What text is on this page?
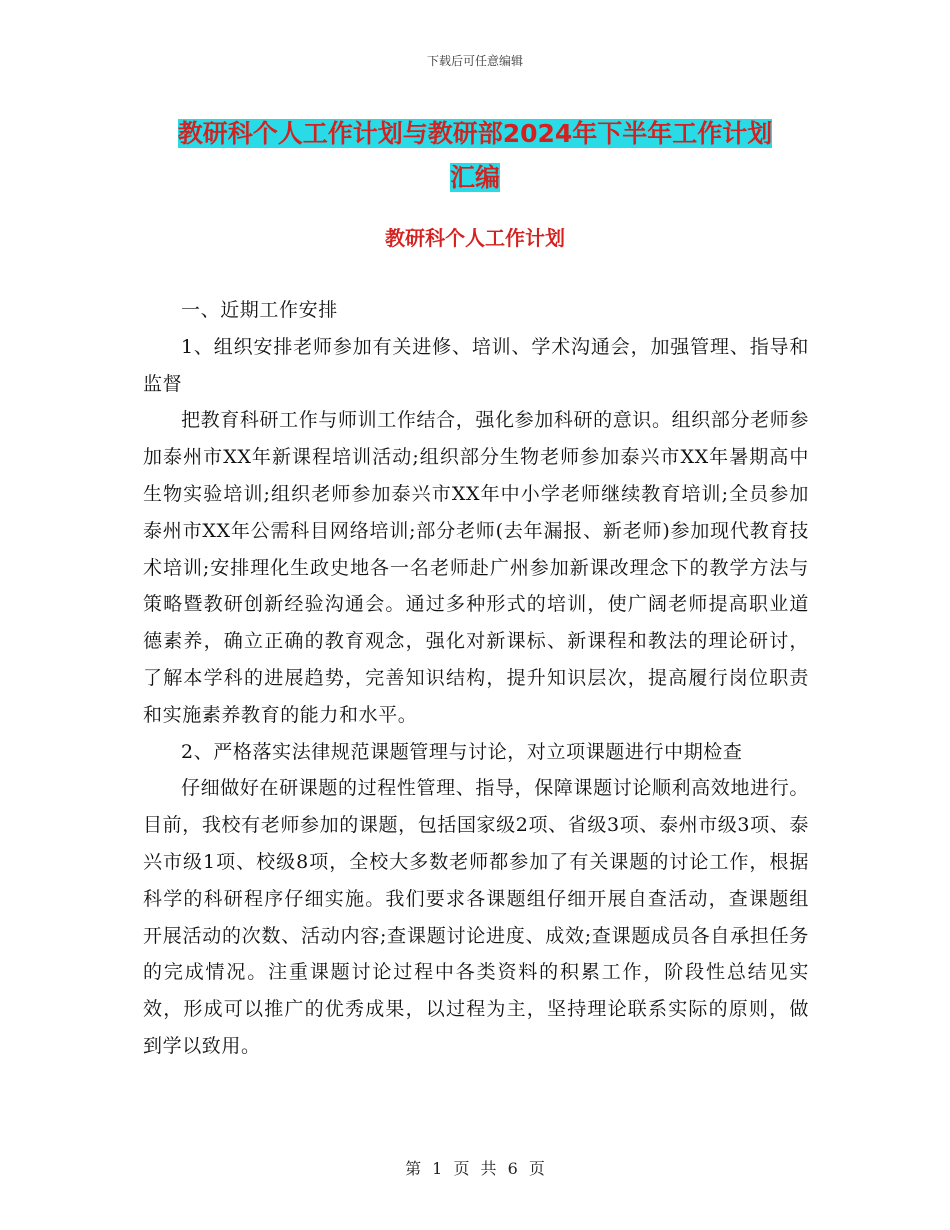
下载后可任意编辑
教研科个人工作计划与教研部2024年下半年工作计划
汇编
教研科个人工作计划

一、近期工作安排

1、组织安排老师参加有关进修、培训、学术沟通会，加强管理、指导和监督

把教育科研工作与师训工作结合，强化参加科研的意识。组织部分老师参加泰州市XX年新课程培训活动;组织部分生物老师参加泰兴市XX年暑期高中生物实验培训;组织老师参加泰兴市XX年中小学老师继续教育培训;全员参加泰州市XX年公需科目网络培训;部分老师(去年漏报、新老师)参加现代教育技术培训;安排理化生政史地各一名老师赴广州参加新课改理念下的教学方法与策略暨教研创新经验沟通会。通过多种形式的培训，使广阔老师提高职业道德素养，确立正确的教育观念，强化对新课标、新课程和教法的理论研讨，了解本学科的进展趋势，完善知识结构，提升知识层次，提高履行岗位职责和实施素养教育的能力和水平。

2、严格落实法律规范课题管理与讨论，对立项课题进行中期检查

仔细做好在研课题的过程性管理、指导，保障课题讨论顺利高效地进行。目前，我校有老师参加的课题，包括国家级2项、省级3项、泰州市级3项、泰兴市级1项、校级8项，全校大多数老师都参加了有关课题的讨论工作，根据科学的科研程序仔细实施。我们要求各课题组仔细开展自查活动，查课题组开展活动的次数、活动内容;查课题讨论进度、成效;查课题成员各自承担任务的完成情况。注重课题讨论过程中各类资料的积累工作，阶段性总结见实效，形成可以推广的优秀成果，以过程为主，坚持理论联系实际的原则，做到学以致用。

第 1 页 共 6 页
